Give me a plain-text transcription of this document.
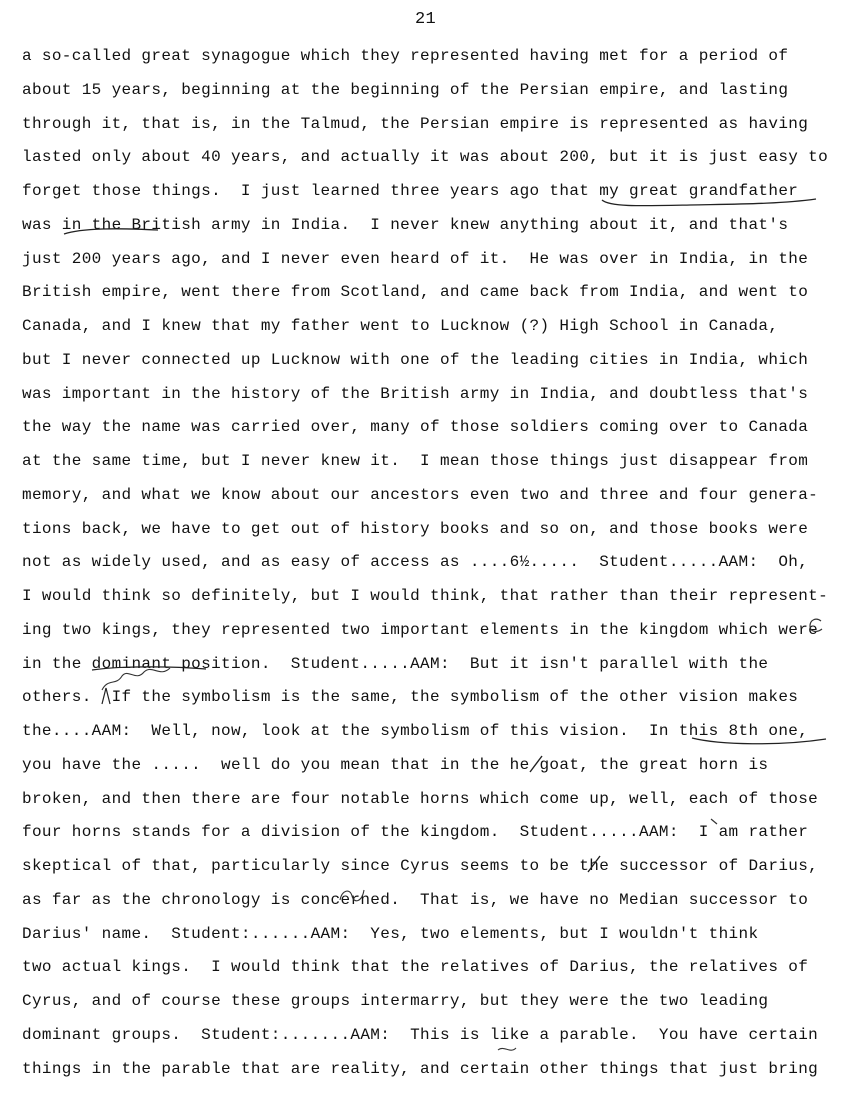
21
a so-called great synagogue which they represented having met for a period of
about 15 years, beginning at the beginning of the Persian empire, and lasting
through it, that is, in the Talmud, the Persian empire is represented as having
lasted only about 40 years, and actually it was about 200, but it is just easy to
forget those things.  I just learned three years ago that my great grandfather
was in the British army in India.  I never knew anything about it, and that's
just 200 years ago, and I never even heard of it.  He was over in India, in the
British empire, went there from Scotland, and came back from India, and went to
Canada, and I knew that my father went to Lucknow (?) High School in Canada,
but I never connected up Lucknow with one of the leading cities in India, which
was important in the history of the British army in India, and doubtless that's
the way the name was carried over, many of those soldiers coming over to Canada
at the same time, but I never knew it.  I mean those things just disappear from
memory, and what we know about our ancestors even two and three and four genera-
tions back, we have to get out of history books and so on, and those books were
not as widely used, and as easy of access as ....6½.....  Student.....AAM:  Oh,
I would think so definitely, but I would think, that rather than their represent-
ing two kings, they represented two important elements in the kingdom which were
in the dominant position.  Student.....AAM:  But it isn't parallel with the
others.  If the symbolism is the same, the symbolism of the other vision makes
the....AAM:  Well, now, look at the symbolism of this vision.  In this 8th one,
you have the .....  well do you mean that in the he goat, the great horn is
broken, and then there are four notable horns which come up, well, each of those
four horns stands for a division of the kingdom.  Student.....AAM:  I am rather
skeptical of that, particularly since Cyrus seems to be the successor of Darius,
as far as the chronology is concerned.  That is, we have no Median successor to
Darius' name.  Student:......AAM:  Yes, two elements, but I wouldn't think
two actual kings.  I would think that the relatives of Darius, the relatives of
Cyrus, and of course these groups intermarry, but they were the two leading
dominant groups.  Student:.......AAM:  This is like a parable.  You have certain
things in the parable that are reality, and certain other things that just bring
